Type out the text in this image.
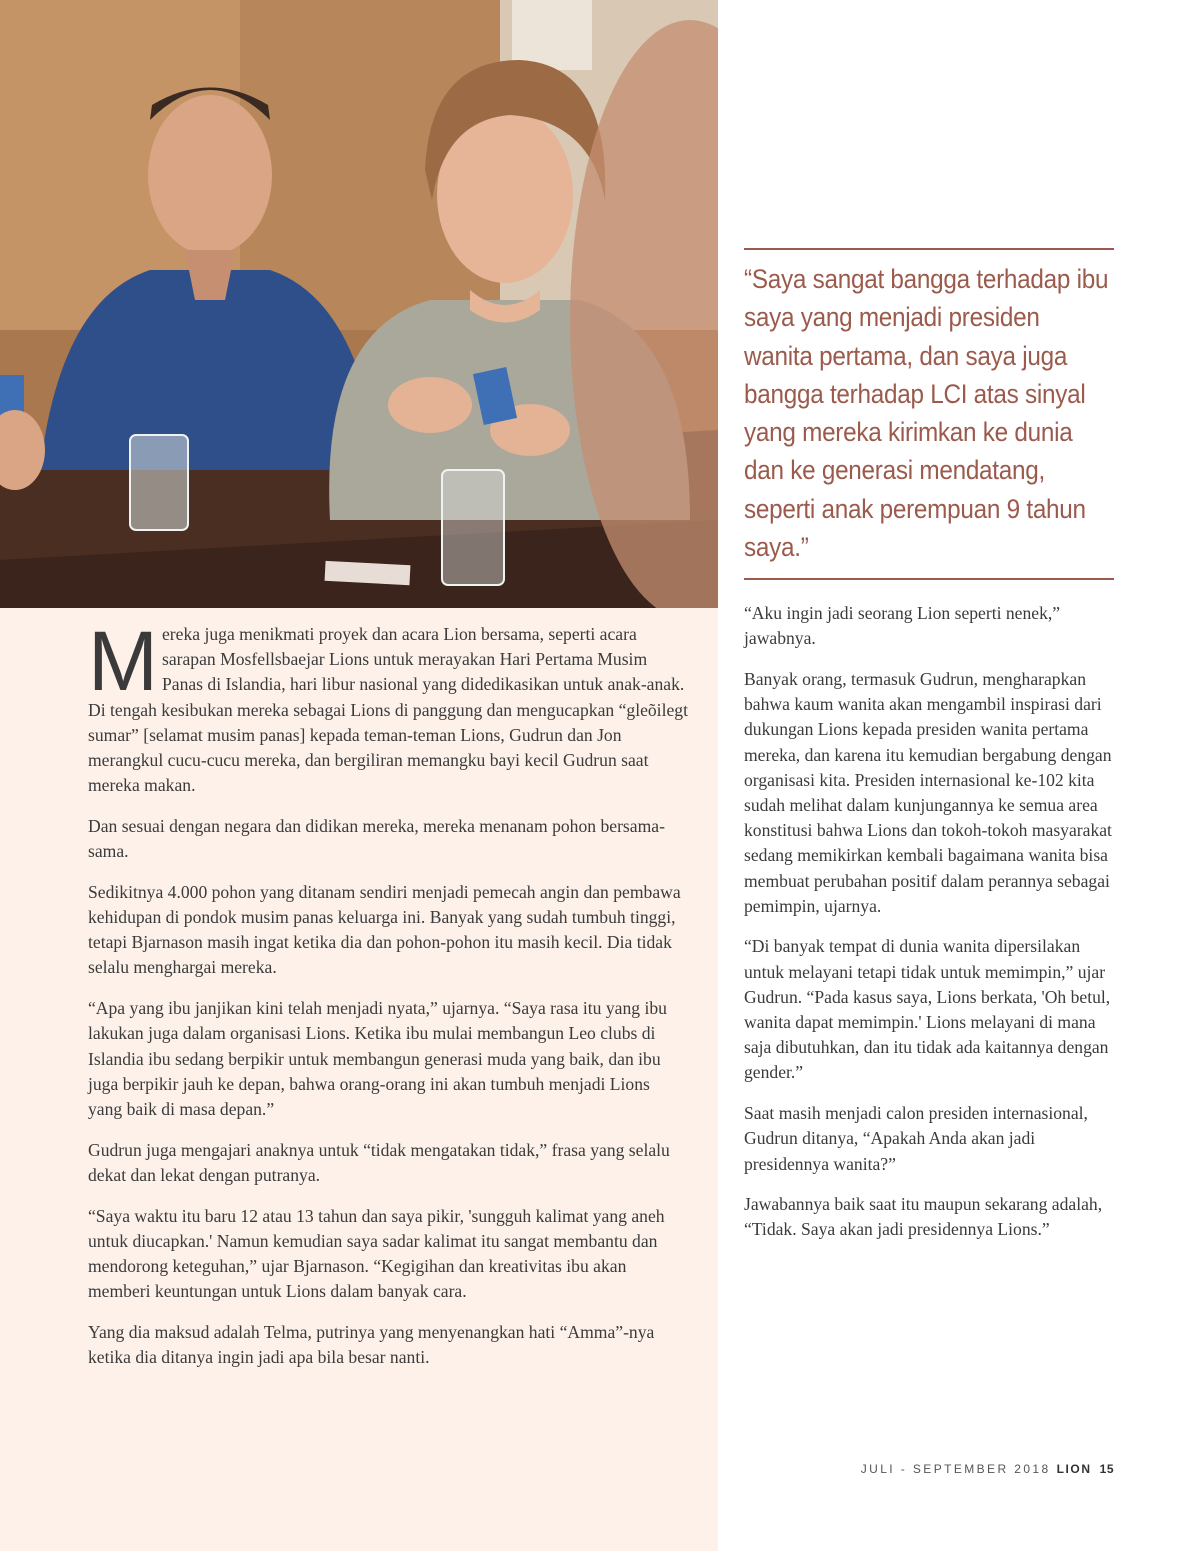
Mereka juga menikmati proyek dan acara Lion bersama, seperti acara sarapan Mosfellsbaejar Lions untuk merayakan Hari Pertama Musim Panas di Islandia, hari libur nasional yang didedikasikan untuk anak-anak. Di tengah kesibukan mereka sebagai Lions di panggung dan mengucapkan “gleõilegt sumar” [selamat musim panas] kepada teman-teman Lions, Gudrun dan Jon merangkul cucu-cucu mereka, dan bergiliran memangku bayi kecil Gudrun saat mereka makan.

Dan sesuai dengan negara dan didikan mereka, mereka menanam pohon bersama-sama.

Sedikitnya 4.000 pohon yang ditanam sendiri menjadi pemecah angin dan pembawa kehidupan di pondok musim panas keluarga ini. Banyak yang sudah tumbuh tinggi, tetapi Bjarnason masih ingat ketika dia dan pohon-pohon itu masih kecil. Dia tidak selalu menghargai mereka.

“Apa yang ibu janjikan kini telah menjadi nyata,” ujarnya. “Saya rasa itu yang ibu lakukan juga dalam organisasi Lions. Ketika ibu mulai membangun Leo clubs di Islandia ibu sedang berpikir untuk membangun generasi muda yang baik, dan ibu juga berpikir jauh ke depan, bahwa orang-orang ini akan tumbuh menjadi Lions yang baik di masa depan.”

Gudrun juga mengajari anaknya untuk “tidak mengatakan tidak,” frasa yang selalu dekat dan lekat dengan putranya.

“Saya waktu itu baru 12 atau 13 tahun dan saya pikir, 'sungguh kalimat yang aneh untuk diucapkan.' Namun kemudian saya sadar kalimat itu sangat membantu dan mendorong keteguhan,” ujar Bjarnason. “Kegigihan dan kreativitas ibu akan memberi keuntungan untuk Lions dalam banyak cara.

Yang dia maksud adalah Telma, putrinya yang menyenangkan hati “Amma”-nya ketika dia ditanya ingin jadi apa bila besar nanti.

“Saya sangat bangga terhadap ibu saya yang menjadi presiden wanita pertama, dan saya juga bangga terhadap LCI atas sinyal yang mereka kirimkan ke dunia dan ke generasi mendatang, seperti anak perempuan 9 tahun saya.”

“Aku ingin jadi seorang Lion seperti nenek,” jawabnya.

Banyak orang, termasuk Gudrun, mengharapkan bahwa kaum wanita akan mengambil inspirasi dari dukungan Lions kepada presiden wanita pertama mereka, dan karena itu kemudian bergabung dengan organisasi kita. Presiden internasional ke-102 kita sudah melihat dalam kunjungannya ke semua area konstitusi bahwa Lions dan tokoh-tokoh masyarakat sedang memikirkan kembali bagaimana wanita bisa membuat perubahan positif dalam perannya sebagai pemimpin, ujarnya.

“Di banyak tempat di dunia wanita dipersilakan untuk melayani tetapi tidak untuk memimpin,” ujar Gudrun. “Pada kasus saya, Lions berkata, 'Oh betul, wanita dapat memimpin.' Lions melayani di mana saja dibutuhkan, dan itu tidak ada kaitannya dengan gender.”

Saat masih menjadi calon presiden internasional, Gudrun ditanya, “Apakah Anda akan jadi presidennya wanita?”

Jawabannya baik saat itu maupun sekarang adalah, “Tidak. Saya akan jadi presidennya Lions.”

JULI - SEPTEMBER 2018 LION 15
